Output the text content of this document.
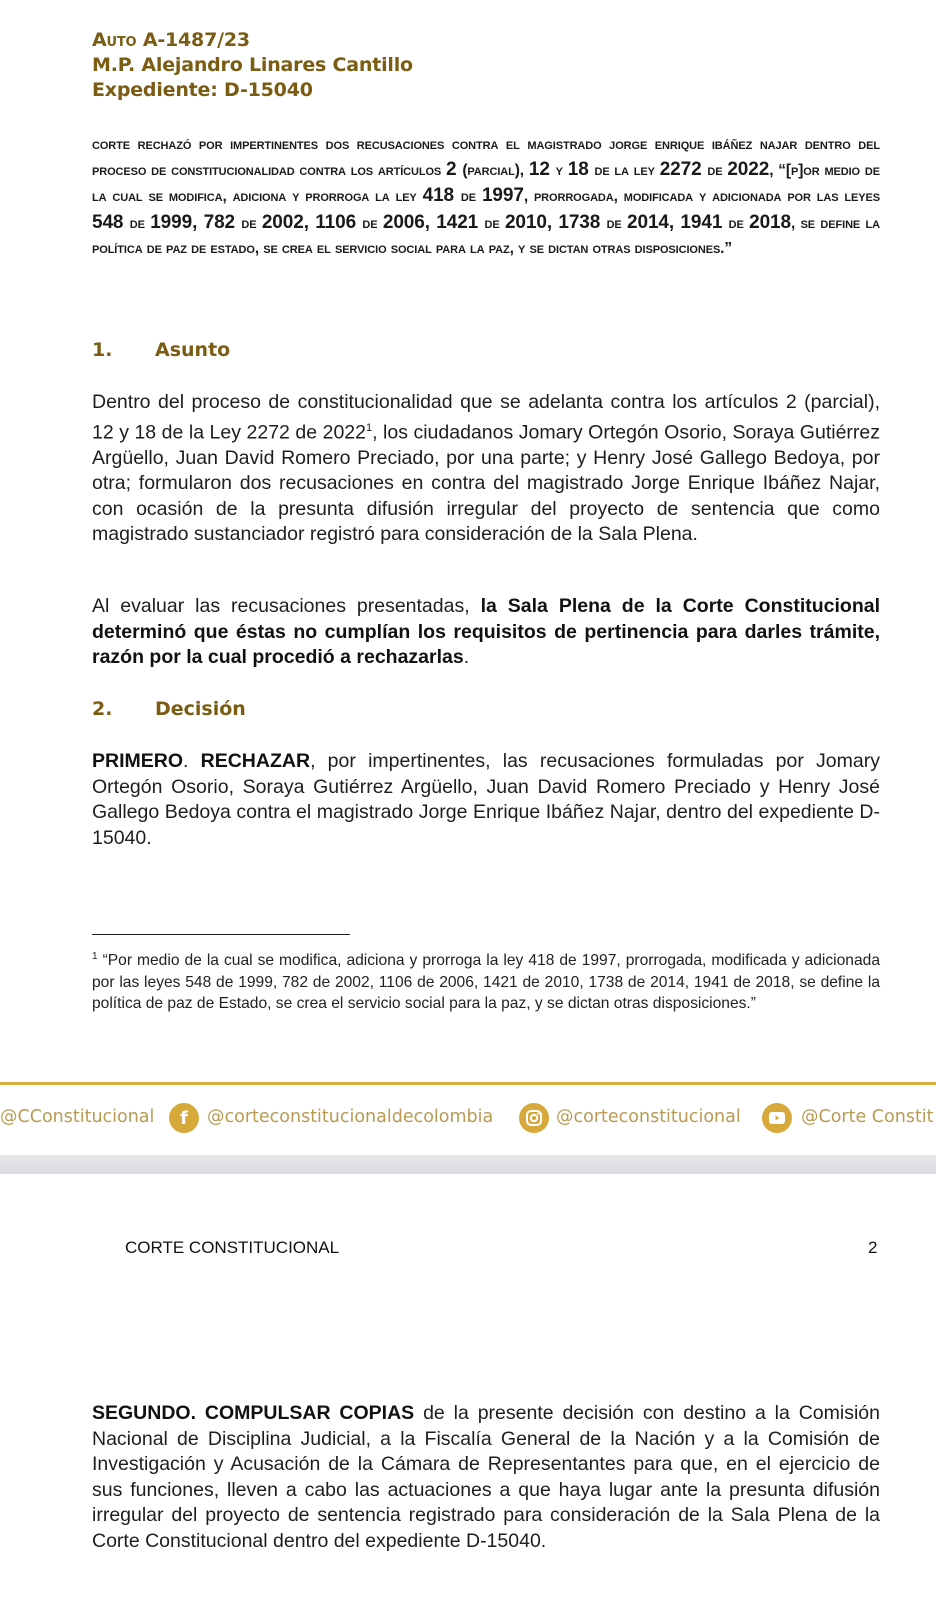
Auto A-1487/23
M.P. Alejandro Linares Cantillo
Expediente: D-15040
corte rechazó por impertinentes dos recusaciones contra el magistrado jorge enrique ibáñez najar dentro del proceso de constitucionalidad contra los artículos 2 (parcial), 12 y 18 de la ley 2272 de 2022, “[p]or medio de la cual se modifica, adiciona y prorroga la ley 418 de 1997, prorrogada, modificada y adicionada por las leyes 548 de 1999, 782 de 2002, 1106 de 2006, 1421 de 2010, 1738 de 2014, 1941 de 2018, se define la política de paz de estado, se crea el servicio social para la paz, y se dictan otras disposiciones.”
1. Asunto
Dentro del proceso de constitucionalidad que se adelanta contra los artículos 2 (parcial), 12 y 18 de la Ley 2272 de 2022$^1$, los ciudadanos Jomary Ortegón Osorio, Soraya Gutiérrez Argüello, Juan David Romero Preciado, por una parte; y Henry José Gallego Bedoya, por otra; formularon dos recusaciones en contra del magistrado Jorge Enrique Ibáñez Najar, con ocasión de la presunta difusión irregular del proyecto de sentencia que como magistrado sustanciador registró para consideración de la Sala Plena.
Al evaluar las recusaciones presentadas, la Sala Plena de la Corte Constitucional determinó que éstas no cumplían los requisitos de pertinencia para darles trámite, razón por la cual procedió a rechazarlas.
2. Decisión
PRIMERO. RECHAZAR, por impertinentes, las recusaciones formuladas por Jomary Ortegón Osorio, Soraya Gutiérrez Argüello, Juan David Romero Preciado y Henry José Gallego Bedoya contra el magistrado Jorge Enrique Ibáñez Najar, dentro del expediente D-15040.
$^1$ “Por medio de la cual se modifica, adiciona y prorroga la ley 418 de 1997, prorrogada, modificada y adicionada por las leyes 548 de 1999, 782 de 2002, 1106 de 2006, 1421 de 2010, 1738 de 2014, 1941 de 2018, se define la política de paz de Estado, se crea el servicio social para la paz, y se dictan otras disposiciones.”
@CConstitucional	f	@corteconstitucionaldecolombia	@corteconstitucional	@Corte Constit
CORTE CONSTITUCIONAL	2
SEGUNDO. COMPULSAR COPIAS de la presente decisión con destino a la Comisión Nacional de Disciplina Judicial, a la Fiscalía General de la Nación y a la Comisión de Investigación y Acusación de la Cámara de Representantes para que, en el ejercicio de sus funciones, lleven a cabo las actuaciones a que haya lugar ante la presunta difusión irregular del proyecto de sentencia registrado para consideración de la Sala Plena de la Corte Constitucional dentro del expediente D-15040.
